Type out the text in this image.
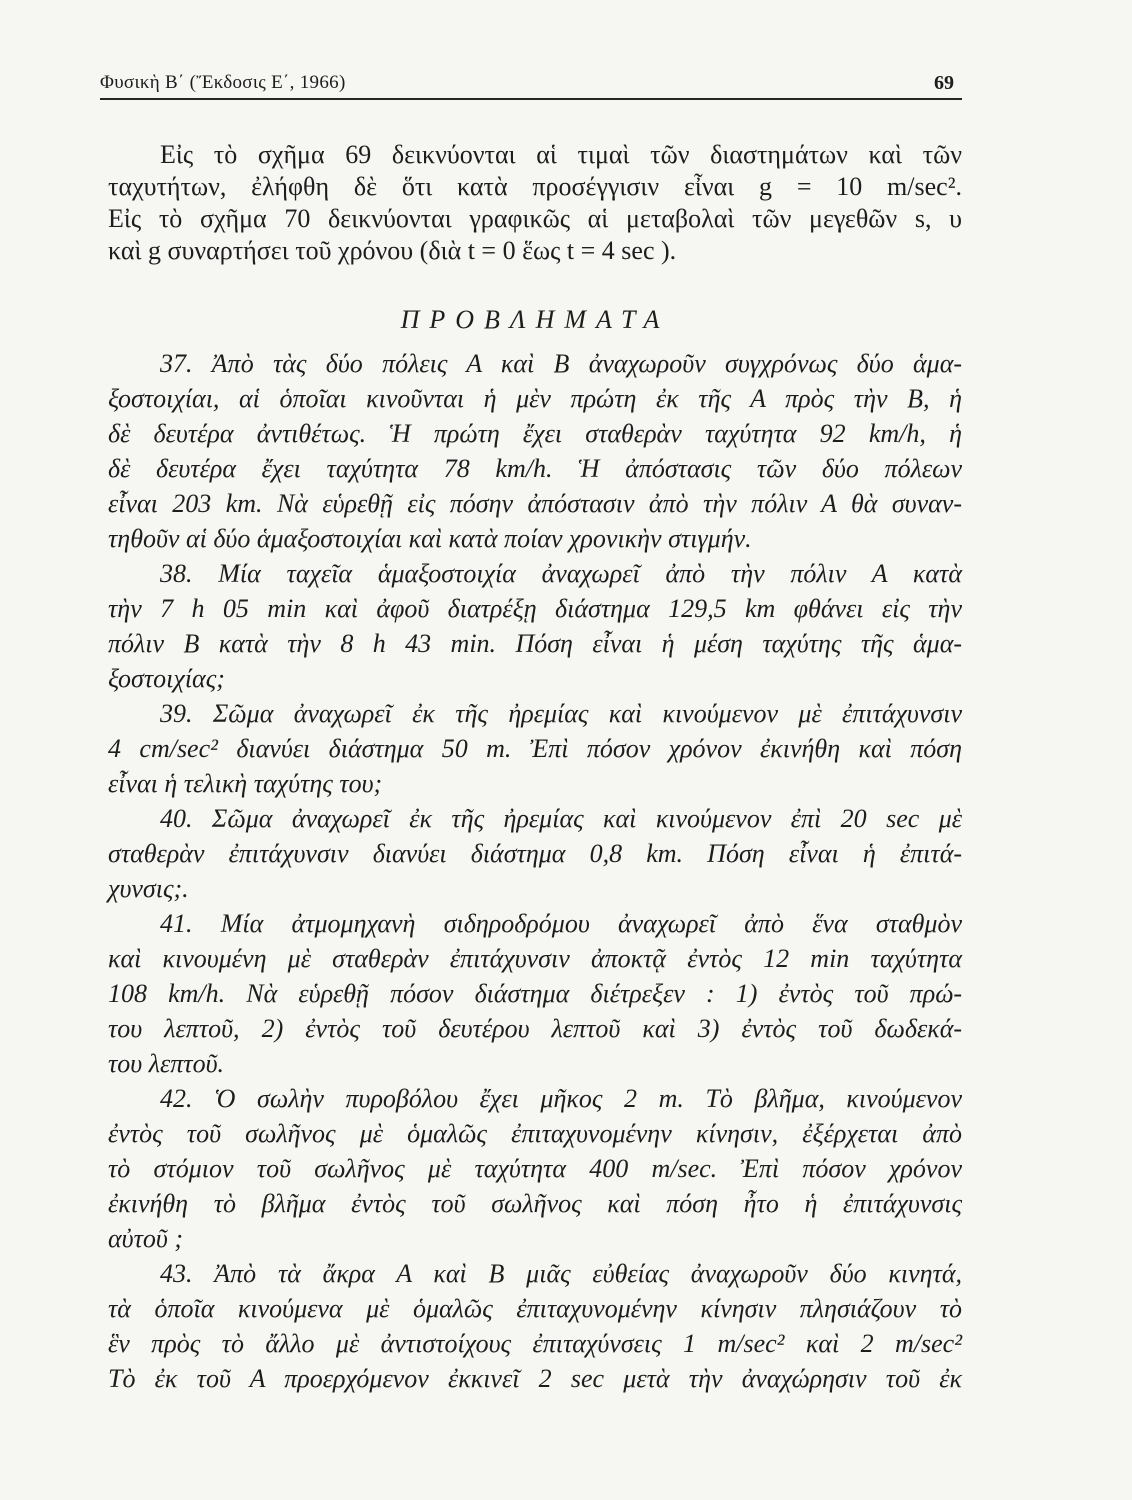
Φυσικὴ Β΄ (Ἔκδοσις Ε΄, 1966)	69
Εἰς τὸ σχῆμα 69 δεικνύονται αἱ τιμαὶ τῶν διαστημάτων καὶ τῶν
ταχυτήτων, ἐλήφθη δὲ ὅτι κατὰ προσέγγισιν εἶναι g = 10 m/sec².
Εἰς τὸ σχῆμα 70 δεικνύονται γραφικῶς αἱ μεταβολαὶ τῶν μεγεθῶν s, υ
καὶ g συναρτήσει τοῦ χρόνου (διὰ t = 0 ἕως t = 4 sec ).
ΠΡΟΒΛΗΜΑΤΑ
37. Ἀπὸ τὰς δύο πόλεις Α καὶ Β ἀναχωροῦν συγχρόνως δύο ἁμα-
ξοστοιχίαι, αἱ ὁποῖαι κινοῦνται ἡ μὲν πρώτη ἐκ τῆς Α πρὸς τὴν Β, ἡ
δὲ δευτέρα ἀντιθέτως. Ἡ πρώτη ἔχει σταθερὰν ταχύτητα 92 km/h, ἡ
δὲ δευτέρα ἔχει ταχύτητα 78 km/h. Ἡ ἀπόστασις τῶν δύο πόλεων
εἶναι 203 km. Νὰ εὑρεθῇ εἰς πόσην ἀπόστασιν ἀπὸ τὴν πόλιν Α θὰ συναν-
τηθοῦν αἱ δύο ἁμαξοστοιχίαι καὶ κατὰ ποίαν χρονικὴν στιγμήν.
38. Μία ταχεῖα ἁμαξοστοιχία ἀναχωρεῖ ἀπὸ τὴν πόλιν Α κατὰ
τὴν 7 h 05 min καὶ ἀφοῦ διατρέξῃ διάστημα 129,5 km φθάνει εἰς τὴν
πόλιν Β κατὰ τὴν 8 h 43 min. Πόση εἶναι ἡ μέση ταχύτης τῆς ἁμα-
ξοστοιχίας;
39. Σῶμα ἀναχωρεῖ ἐκ τῆς ἠρεμίας καὶ κινούμενον μὲ ἐπιτάχυνσιν
4 cm/sec² διανύει διάστημα 50 m. Ἐπὶ πόσον χρόνον ἐκινήθη καὶ πόση
εἶναι ἡ τελικὴ ταχύτης του;
40. Σῶμα ἀναχωρεῖ ἐκ τῆς ἠρεμίας καὶ κινούμενον ἐπὶ 20 sec μὲ
σταθερὰν ἐπιτάχυνσιν διανύει διάστημα 0,8 km. Πόση εἶναι ἡ ἐπιτά-
χυνσις;.
41. Μία ἀτμομηχανὴ σιδηροδρόμου ἀναχωρεῖ ἀπὸ ἕνα σταθμὸν
καὶ κινουμένη μὲ σταθερὰν ἐπιτάχυνσιν ἀποκτᾷ ἐντὸς 12 min ταχύτητα
108 km/h. Νὰ εὑρεθῇ πόσον διάστημα διέτρεξεν : 1) ἐντὸς τοῦ πρώ-
του λεπτοῦ, 2) ἐντὸς τοῦ δευτέρου λεπτοῦ καὶ 3) ἐντὸς τοῦ δωδεκά-
του λεπτοῦ.
42. Ὁ σωλὴν πυροβόλου ἔχει μῆκος 2 m. Τὸ βλῆμα, κινούμενον
ἐντὸς τοῦ σωλῆνος μὲ ὁμαλῶς ἐπιταχυνομένην κίνησιν, ἐξέρχεται ἀπὸ
τὸ στόμιον τοῦ σωλῆνος μὲ ταχύτητα 400 m/sec. Ἐπὶ πόσον χρόνον
ἐκινήθη τὸ βλῆμα ἐντὸς τοῦ σωλῆνος καὶ πόση ἦτο ἡ ἐπιτάχυνσις
αὐτοῦ ;
43. Ἀπὸ τὰ ἄκρα Α καὶ Β μιᾶς εὐθείας ἀναχωροῦν δύο κινητά,
τὰ ὁποῖα κινούμενα μὲ ὁμαλῶς ἐπιταχυνομένην κίνησιν πλησιάζουν τὸ
ἓν πρὸς τὸ ἄλλο μὲ ἀντιστοίχους ἐπιταχύνσεις 1 m/sec² καὶ 2 m/sec²
Τὸ ἐκ τοῦ Α προερχόμενον ἐκκινεῖ 2 sec μετὰ τὴν ἀναχώρησιν τοῦ ἐκ
